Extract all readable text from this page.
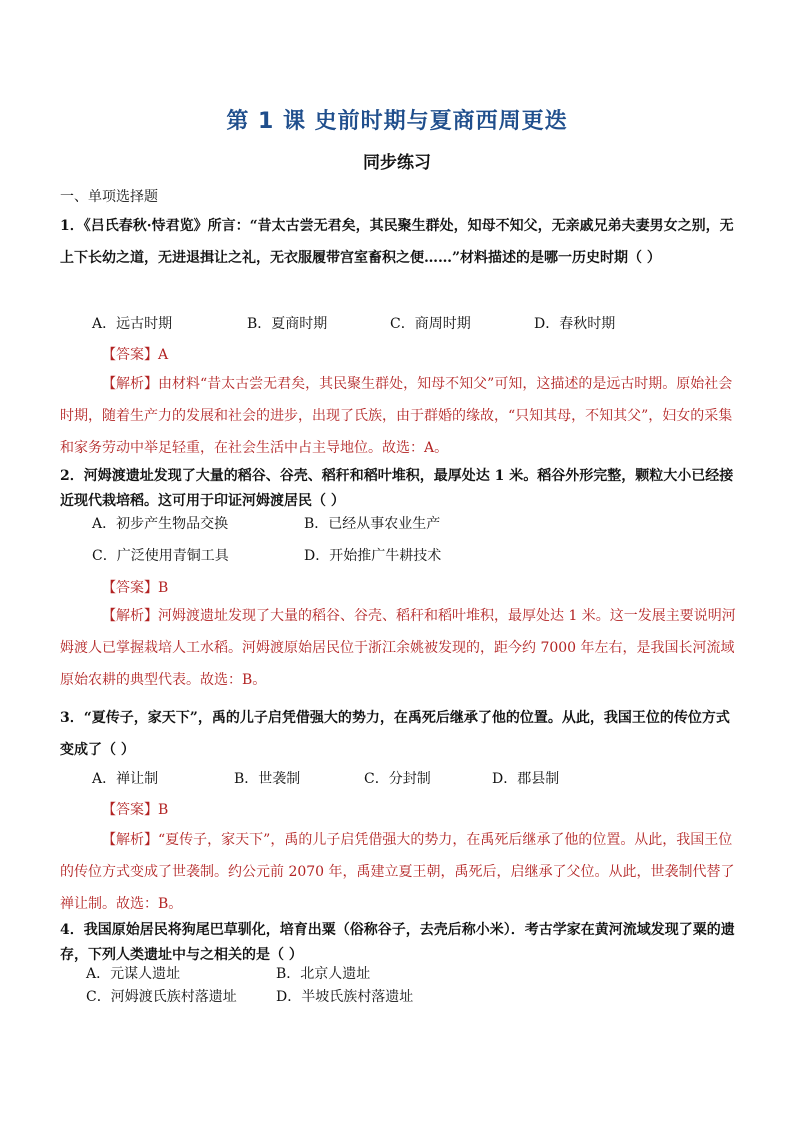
第 1 课 史前时期与夏商西周更迭
同步练习
一、单项选择题
1．《吕氏春秋·恃君览》所言：“昔太古尝无君矣，其民聚生群处，知母不知父，无亲戚兄弟夫妻男女之别，无上下长幼之道，无进退揖让之礼，无衣服履带宫室畜积之便……”材料描述的是哪一历史时期（ ）
A．远古时期	B．夏商时期	C．商周时期	D．春秋时期
【答案】A
【解析】由材料“昔太古尝无君矣，其民聚生群处，知母不知父”可知，这描述的是远古时期。原始社会时期，随着生产力的发展和社会的进步，出现了氏族，由于群婚的缘故，“只知其母，不知其父”，妇女的采集和家务劳动中举足轻重，在社会生活中占主导地位。故选：A。
2．河姆渡遗址发现了大量的稻谷、谷壳、稻秆和稻叶堆积，最厚处达 1 米。稻谷外形完整，颗粒大小已经接近现代栽培稻。这可用于印证河姆渡居民（ ）
A．初步产生物品交换	B．已经从事农业生产
C．广泛使用青铜工具	D．开始推广牛耕技术
【答案】B
【解析】河姆渡遗址发现了大量的稻谷、谷壳、稻秆和稻叶堆积，最厚处达 1 米。这一发展主要说明河姆渡人已掌握栽培人工水稻。河姆渡原始居民位于浙江余姚被发现的，距今约 7000 年左右，是我国长河流域原始农耕的典型代表。故选：B。
3．“夏传子，家天下”，禹的儿子启凭借强大的势力，在禹死后继承了他的位置。从此，我国王位的传位方式变成了（ ）
A．禅让制	B．世袭制	C．分封制	D．郡县制
【答案】B
【解析】“夏传子，家天下”，禹的儿子启凭借强大的势力，在禹死后继承了他的位置。从此，我国王位的传位方式变成了世袭制。约公元前 2070 年，禹建立夏王朝，禹死后，启继承了父位。从此，世袭制代替了禅让制。故选：B。
4．我国原始居民将狗尾巴草驯化，培育出粟（俗称谷子，去壳后称小米）．考古学家在黄河流域发现了粟的遗存，下列人类遗址中与之相关的是（ ）
A．元谋人遗址	B．北京人遗址
C．河姆渡氏族村落遗址	D．半坡氏族村落遗址
